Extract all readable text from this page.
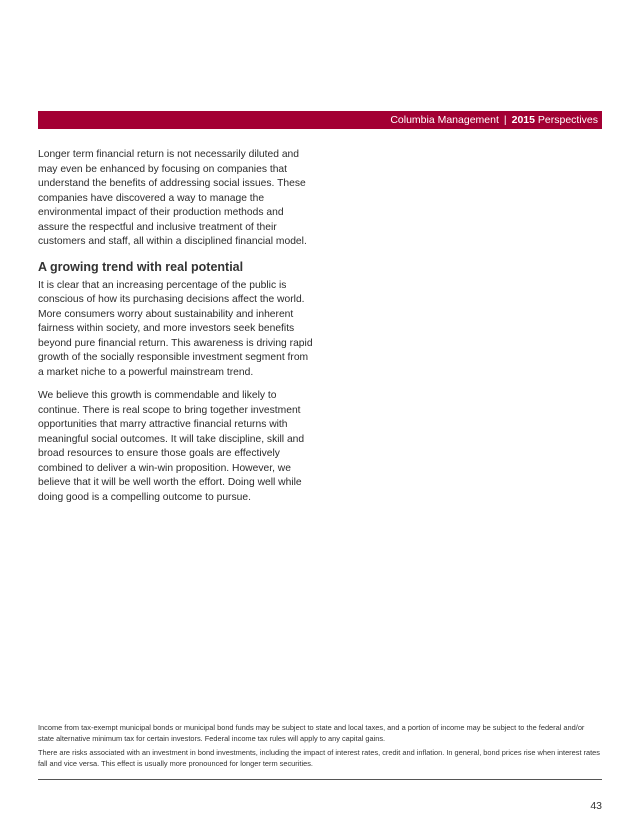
Columbia Management | 2015 Perspectives

Longer term financial return is not necessarily diluted and may even be enhanced by focusing on companies that understand the benefits of addressing social issues. These companies have discovered a way to manage the environmental impact of their production methods and assure the respectful and inclusive treatment of their customers and staff, all within a disciplined financial model.

A growing trend with real potential

It is clear that an increasing percentage of the public is conscious of how its purchasing decisions affect the world. More consumers worry about sustainability and inherent fairness within society, and more investors seek benefits beyond pure financial return. This awareness is driving rapid growth of the socially responsible investment segment from a market niche to a powerful mainstream trend.

We believe this growth is commendable and likely to continue. There is real scope to bring together investment opportunities that marry attractive financial returns with meaningful social outcomes. It will take discipline, skill and broad resources to ensure those goals are effectively combined to deliver a win-win proposition. However, we believe that it will be well worth the effort. Doing well while doing good is a compelling outcome to pursue.

Income from tax-exempt municipal bonds or municipal bond funds may be subject to state and local taxes, and a portion of income may be subject to the federal and/or state alternative minimum tax for certain investors. Federal income tax rules will apply to any capital gains.

There are risks associated with an investment in bond investments, including the impact of interest rates, credit and inflation. In general, bond prices rise when interest rates fall and vice versa. This effect is usually more pronounced for longer term securities.

43
